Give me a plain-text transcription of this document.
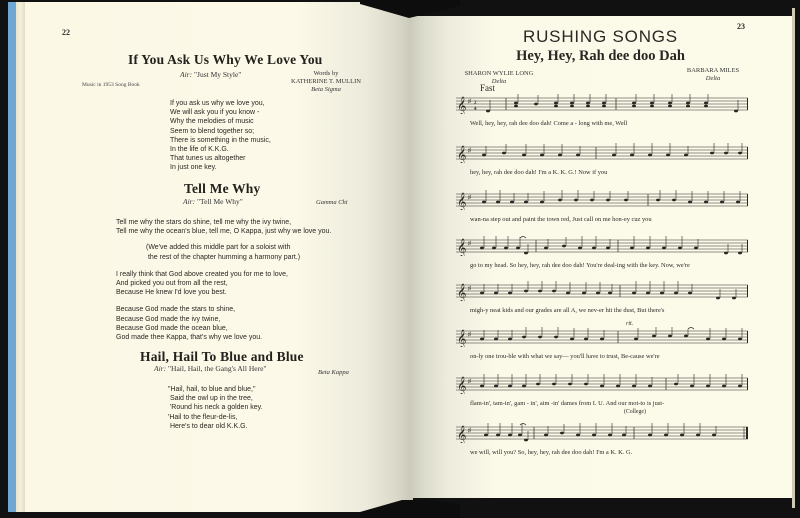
22
If You Ask Us Why We Love You
Air: "Just My Style"	Words by
KATHERINE T. MULLIN
Beta Sigma
Music in 1953 Song Book
If you ask us why we love you,
We will ask you if you know -
Why the melodies of music
Seem to blend together so;
There is something in the music,
In the life of K.K.G.
That tunes us altogether
In just one key.
Tell Me Why
Air: "Tell Me Why"	Gamma Chi
Tell me why the stars do shine, tell me why the ivy twine,
Tell me why the ocean's blue, tell me, O Kappa, just why we love you.
(We've added this middle part for a soloist with
the rest of the chapter humming a harmony part.)
I really think that God above created you for me to love,
And picked you out from all the rest,
Because He knew I'd love you best.
Because God made the stars to shine,
Because God made the ivy twine,
Because God made the ocean blue,
God made thee Kappa, that's why we love you.
Hail, Hail To Blue and Blue
Air: "Hail, Hail, the Gang's All Here"	Beta Kappa
"Hail, hail, to blue and blue,"
Said the owl up in the tree,
'Round his neck a golden key.
'Hail to the fleur-de-lis,
Here's to dear old K.K.G.
23
RUSHING SONGS
Hey, Hey, Rah dee doo Dah
SHARON WYLIE LONG
Delta
BARBARA MILES
Delta
Fast
𝄞 ♯ 2
4
Well, hey, hey, rah dee doo dah! Come a - long with me, Well
𝄞 ♯
hey, hey, rah dee doo dah! I'm a K. K. G.! Now if you
𝄞 ♯
wan-na step out and paint the town red, Just call on me hon-ey cuz you
𝄞 ♯
go to my head. So hey, hey, rah dee doo dah! You're deal-ing with the key. Now, we're
𝄞 ♯
migh-y neat kids and our grades are all A, we nev-er hit the dust, But there's
rit.
𝄞 ♯
on-ly one trou-ble with what we say— you'll have to trust, Be-cause we're
𝄞 ♯
flam-in', tam-in', gam - in', aim -in' dames from I. U. And our mot-to is just-
(College)
𝄞 ♯
we will, will you? So, hey, hey, rah dee doo dah! I'm a K. K. G.
